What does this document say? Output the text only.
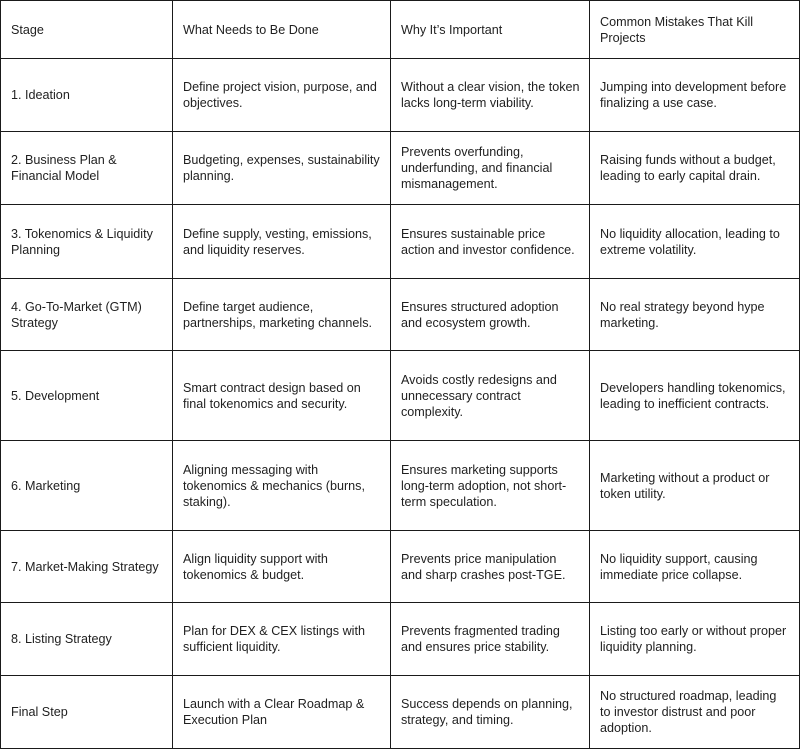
Stage	What Needs to Be Done	Why It’s Important	Common Mistakes That Kill Projects
1. Ideation	Define project vision, purpose, and objectives.	Without a clear vision, the token lacks long-term viability.	Jumping into development before finalizing a use case.
2. Business Plan & Financial Model	Budgeting, expenses, sustainability planning.	Prevents overfunding, underfunding, and financial mismanagement.	Raising funds without a budget, leading to early capital drain.
3. Tokenomics & Liquidity Planning	Define supply, vesting, emissions, and liquidity reserves.	Ensures sustainable price action and investor confidence.	No liquidity allocation, leading to extreme volatility.
4. Go-To-Market (GTM) Strategy	Define target audience, partnerships, marketing channels.	Ensures structured adoption and ecosystem growth.	No real strategy beyond hype marketing.
5. Development	Smart contract design based on final tokenomics and security.	Avoids costly redesigns and unnecessary contract complexity.	Developers handling tokenomics, leading to inefficient contracts.
6. Marketing	Aligning messaging with tokenomics & mechanics (burns, staking).	Ensures marketing supports long-term adoption, not short-term speculation.	Marketing without a product or token utility.
7. Market-Making Strategy	Align liquidity support with tokenomics & budget.	Prevents price manipulation and sharp crashes post-TGE.	No liquidity support, causing immediate price collapse.
8. Listing Strategy	Plan for DEX & CEX listings with sufficient liquidity.	Prevents fragmented trading and ensures price stability.	Listing too early or without proper liquidity planning.
Final Step	Launch with a Clear Roadmap & Execution Plan	Success depends on planning, strategy, and timing.	No structured roadmap, leading to investor distrust and poor adoption.
